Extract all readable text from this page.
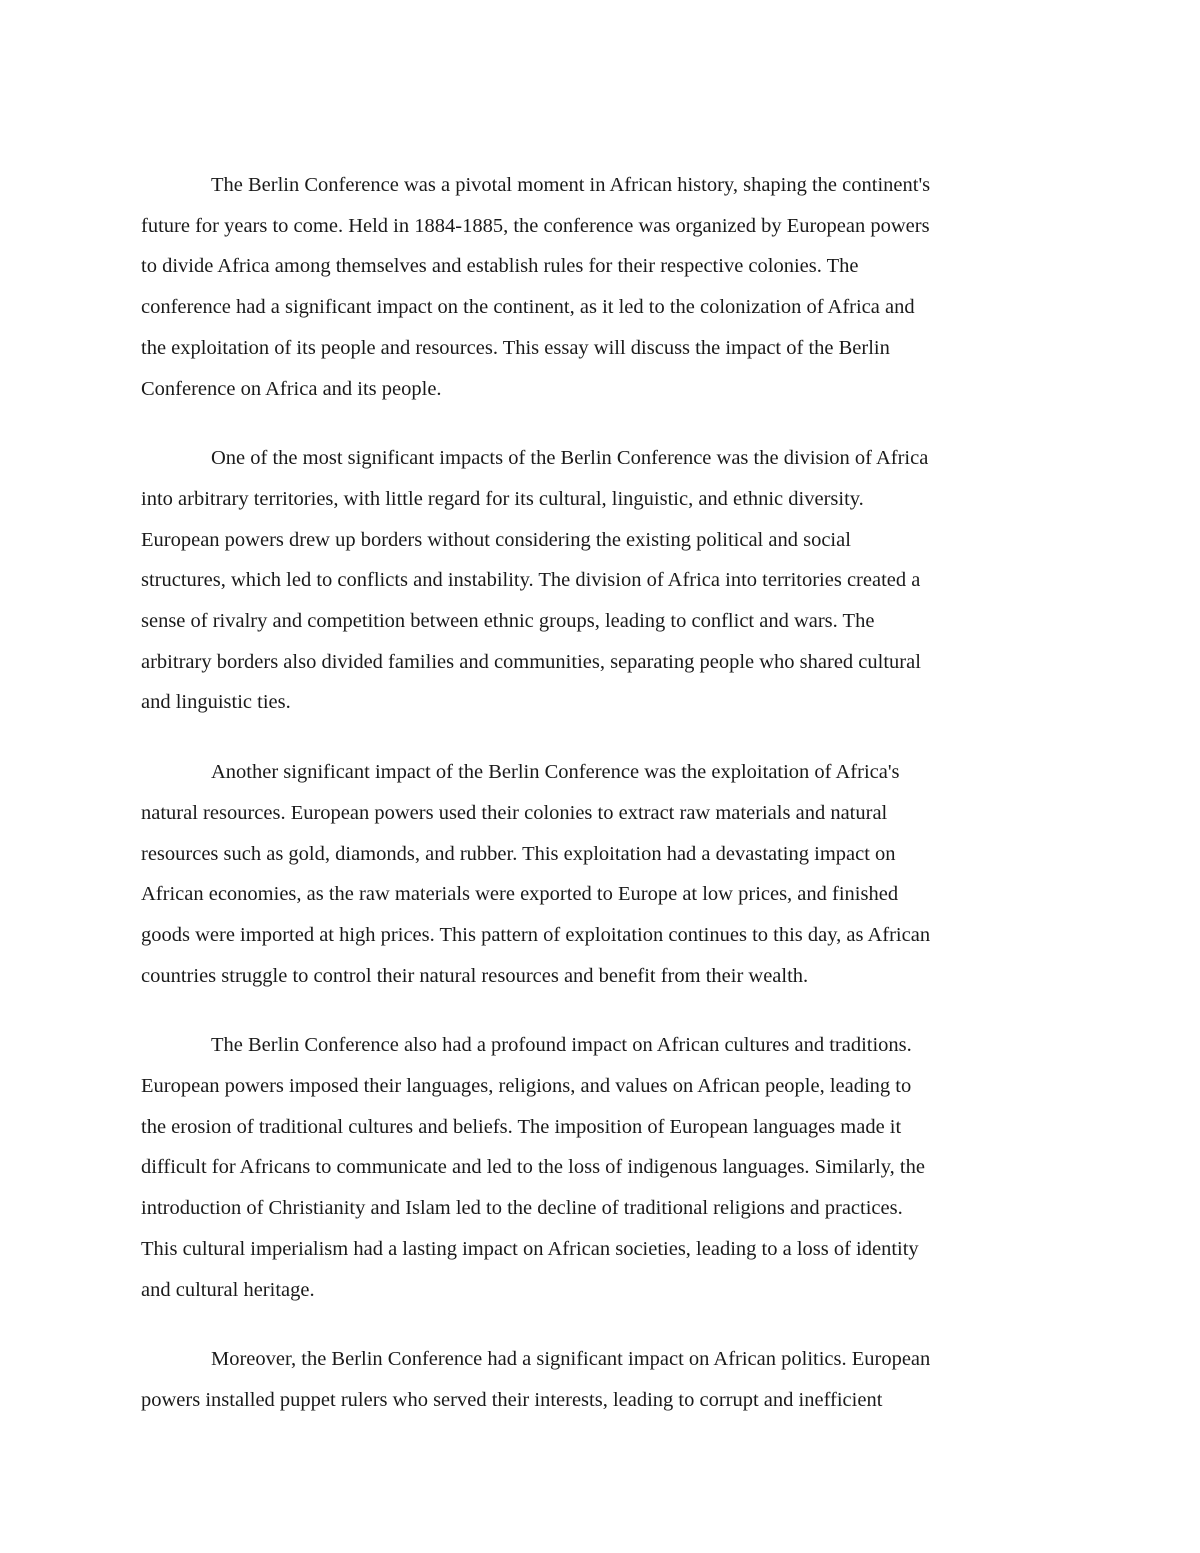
The Berlin Conference was a pivotal moment in African history, shaping the continent's
future for years to come. Held in 1884-1885, the conference was organized by European powers
to divide Africa among themselves and establish rules for their respective colonies. The
conference had a significant impact on the continent, as it led to the colonization of Africa and
the exploitation of its people and resources. This essay will discuss the impact of the Berlin
Conference on Africa and its people.

One of the most significant impacts of the Berlin Conference was the division of Africa
into arbitrary territories, with little regard for its cultural, linguistic, and ethnic diversity.
European powers drew up borders without considering the existing political and social
structures, which led to conflicts and instability. The division of Africa into territories created a
sense of rivalry and competition between ethnic groups, leading to conflict and wars. The
arbitrary borders also divided families and communities, separating people who shared cultural
and linguistic ties.

Another significant impact of the Berlin Conference was the exploitation of Africa's
natural resources. European powers used their colonies to extract raw materials and natural
resources such as gold, diamonds, and rubber. This exploitation had a devastating impact on
African economies, as the raw materials were exported to Europe at low prices, and finished
goods were imported at high prices. This pattern of exploitation continues to this day, as African
countries struggle to control their natural resources and benefit from their wealth.

The Berlin Conference also had a profound impact on African cultures and traditions.
European powers imposed their languages, religions, and values on African people, leading to
the erosion of traditional cultures and beliefs. The imposition of European languages made it
difficult for Africans to communicate and led to the loss of indigenous languages. Similarly, the
introduction of Christianity and Islam led to the decline of traditional religions and practices.
This cultural imperialism had a lasting impact on African societies, leading to a loss of identity
and cultural heritage.

Moreover, the Berlin Conference had a significant impact on African politics. European
powers installed puppet rulers who served their interests, leading to corrupt and inefficient
